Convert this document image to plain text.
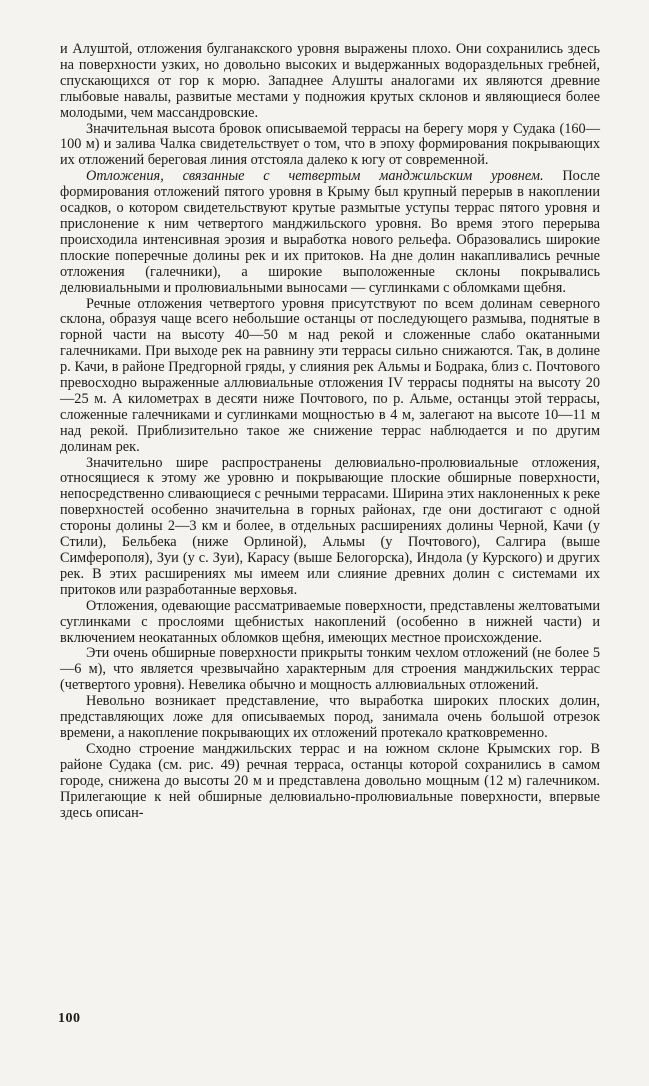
и Алуштой, отложения булганакского уровня выражены плохо. Они сохранились здесь на поверхности узких, но довольно высоких и выдержанных водораздельных гребней, спускающихся от гор к морю. Западнее Алушты аналогами их являются древние глыбовые навалы, развитые местами у подножия крутых склонов и являющиеся более молодыми, чем массандровские.

Значительная высота бровок описываемой террасы на берегу моря у Судака (160—100 м) и залива Чалка свидетельствует о том, что в эпоху формирования покрывающих их отложений береговая линия отстояла далеко к югу от современной.

Отложения, связанные с четвертым манджильским уровнем. После формирования отложений пятого уровня в Крыму был крупный перерыв в накоплении осадков, о котором свидетельствуют крутые размытые уступы террас пятого уровня и прислонение к ним четвертого манджильского уровня. Во время этого перерыва происходила интенсивная эрозия и выработка нового рельефа. Образовались широкие плоские поперечные долины рек и их притоков. На дне долин накапливались речные отложения (галечники), а широкие выположенные склоны покрывались делювиальными и пролювиальными выносами — суглинками с обломками щебня.

Речные отложения четвертого уровня присутствуют по всем долинам северного склона, образуя чаще всего небольшие останцы от последующего размыва, поднятые в горной части на высоту 40—50 м над рекой и сложенные слабо окатанными галечниками. При выходе рек на равнину эти террасы сильно снижаются. Так, в долине р. Качи, в районе Предгорной гряды, у слияния рек Альмы и Бодрака, близ с. Почтового превосходно выраженные аллювиальные отложения IV террасы подняты на высоту 20—25 м. А километрах в десяти ниже Почтового, по р. Альме, останцы этой террасы, сложенные галечниками и суглинками мощностью в 4 м, залегают на высоте 10—11 м над рекой. Приблизительно такое же снижение террас наблюдается и по другим долинам рек.

Значительно шире распространены делювиально-пролювиальные отложения, относящиеся к этому же уровню и покрывающие плоские обширные поверхности, непосредственно сливающиеся с речными террасами. Ширина этих наклоненных к реке поверхностей особенно значительна в горных районах, где они достигают с одной стороны долины 2—3 км и более, в отдельных расширениях долины Черной, Качи (у Стили), Бельбека (ниже Орлиной), Альмы (у Почтового), Салгира (выше Симферополя), Зуи (у с. Зуи), Карасу (выше Белогорска), Индола (у Курского) и других рек. В этих расширениях мы имеем или слияние древних долин с системами их притоков или разработанные верховья.

Отложения, одевающие рассматриваемые поверхности, представлены желтоватыми суглинками с прослоями щебнистых накоплений (особенно в нижней части) и включением неокатанных обломков щебня, имеющих местное происхождение.

Эти очень обширные поверхности прикрыты тонким чехлом отложений (не более 5—6 м), что является чрезвычайно характерным для строения манджильских террас (четвертого уровня). Невелика обычно и мощность аллювиальных отложений.

Невольно возникает представление, что выработка широких плоских долин, представляющих ложе для описываемых пород, занимала очень большой отрезок времени, а накопление покрывающих их отложений протекало кратковременно.

Сходно строение манджильских террас и на южном склоне Крымских гор. В районе Судака (см. рис. 49) речная терраса, останцы которой сохранились в самом городе, снижена до высоты 20 м и представлена довольно мощным (12 м) галечником. Прилегающие к ней обширные делювиально-пролювиальные поверхности, впервые здесь описан-

100
